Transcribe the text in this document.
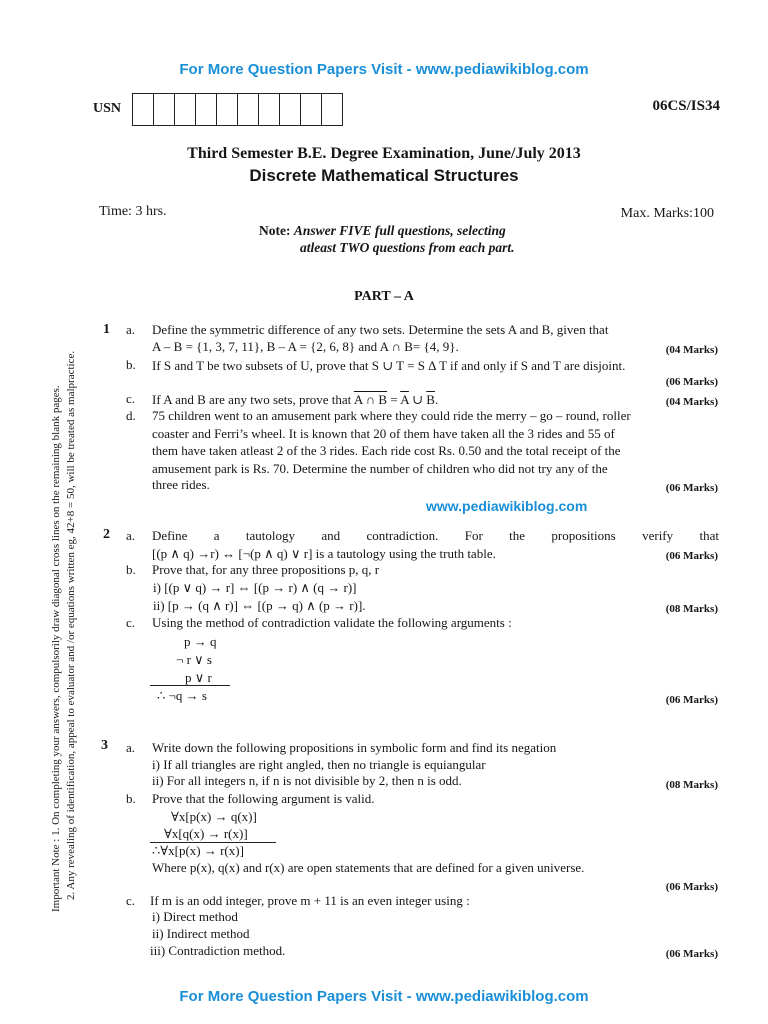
For More Question Papers Visit - www.pediawikiblog.com
For More Question Papers Visit - www.pediawikiblog.com
www.pediawikiblog.com
Important Note : 1. On completing your answers, compulsorily draw diagonal cross lines on the remaining blank pages. 2. Any revealing of identification, appeal to evaluator and /or equations written eg, 42+8 = 50, will be treated as malpractice.
USN	06CS/IS34
Third Semester B.E. Degree Examination, June/July 2013
Discrete Mathematical Structures
Time: 3 hrs.	Max. Marks:100
Note: Answer FIVE full questions, selecting
atleast TWO questions from each part.
PART – A
1 a. Define the symmetric difference of any two sets. Determine the sets A and B, given that
A – B = {1, 3, 7, 11}, B – A = {2, 6, 8} and A ∩ B= {4, 9}.	(04 Marks)
b. If S and T be two subsets of U, prove that S ∪ T = S Δ T if and only if S and T are disjoint.
(06 Marks)
c. If A and B are any two sets, prove that A ∩ $B = \overline{A}$ ∪ $\overline{B}$.	(04 Marks)
d. 75 children went to an amusement park where they could ride the merry – go – round, roller
coaster and Ferri’s wheel. It is known that 20 of them have taken all the 3 rides and 55 of
them have taken atleast 2 of the 3 rides. Each ride cost Rs. 0.50 and the total receipt of the
amusement park is Rs. 70. Determine the number of children who did not try any of the
three rides.	(06 Marks)
2 a. Define a tautology and contradiction. For the propositions verify that
[(p ∧ q) →r) ↔ [¬(p ∧ q) ∨ r] is a tautology using the truth table.	(06 Marks)
b. Prove that, for any three propositions p, q, r
i) [(p ∨ q) → r] ⇔ [(p → r) ∧ (q → r)]
ii) [p → (q ∧ r)] ⇔ [(p → q) ∧ (p → r)].	(08 Marks)
c. Using the method of contradiction validate the following arguments :
p → q
¬ r ∨ s
p ∨ r
∴ ¬q → s	(06 Marks)
3 a. Write down the following propositions in symbolic form and find its negation
i) If all triangles are right angled, then no triangle is equiangular
ii) For all integers n, if n is not divisible by 2, then n is odd.	(08 Marks)
b. Prove that the following argument is valid.
∀x[p(x) → q(x)]
∀x[q(x) → r(x)]
∴∀x[p(x) → r(x)]
Where p(x), q(x) and r(x) are open statements that are defined for a given universe.
(06 Marks)
c. If m is an odd integer, prove m + 11 is an even integer using :
i) Direct method
ii) Indirect method
iii) Contradiction method.	(06 Marks)
